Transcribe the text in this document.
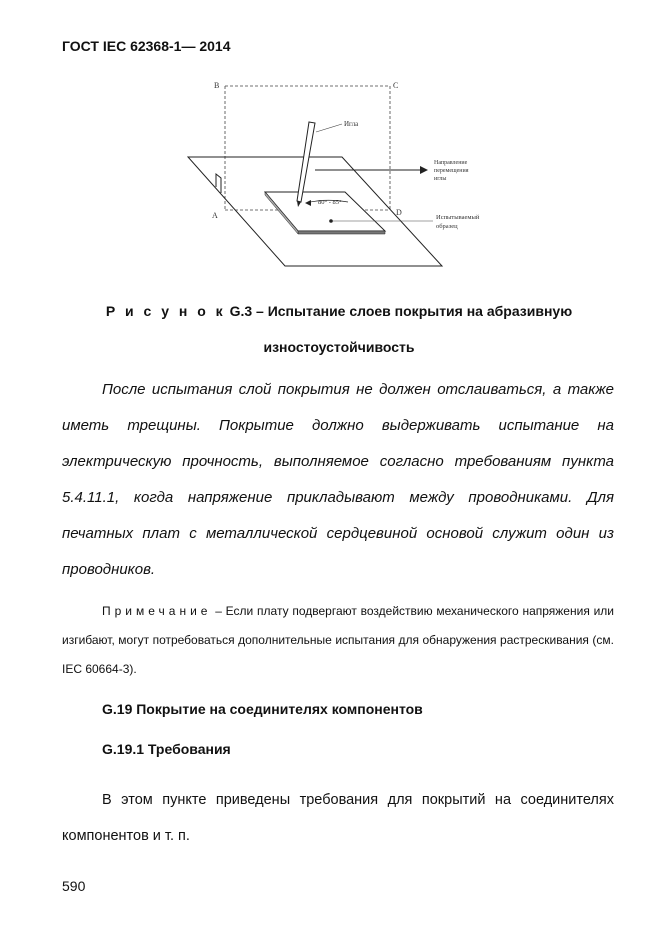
ГОСТ IEC 62368-1— 2014
B	C
A	D
Игла
Направление
перемещения
иглы
80° - 85°
Испытываемый
образец
Р и с у н о к G.3 – Испытание слоев покрытия на абразивную
изностоустойчивость

После испытания слой покрытия не должен отслаиваться, а также иметь трещины. Покрытие должно выдерживать испытание на электрическую прочность, выполняемое согласно требованиям пункта 5.4.11.1, когда напряжение прикладывают между проводниками. Для печатных плат с металлической сердцевиной основой служит один из проводников.

Примечание – Если плату подвергают воздействию механического напряжения или изгибают, могут потребоваться дополнительные испытания для обнаружения растрескивания (см. IEC 60664-3).

G.19 Покрытие на соединителях компонентов
G.19.1 Требования

В этом пункте приведены требования для покрытий на соединителях компонентов и т. п.

590
